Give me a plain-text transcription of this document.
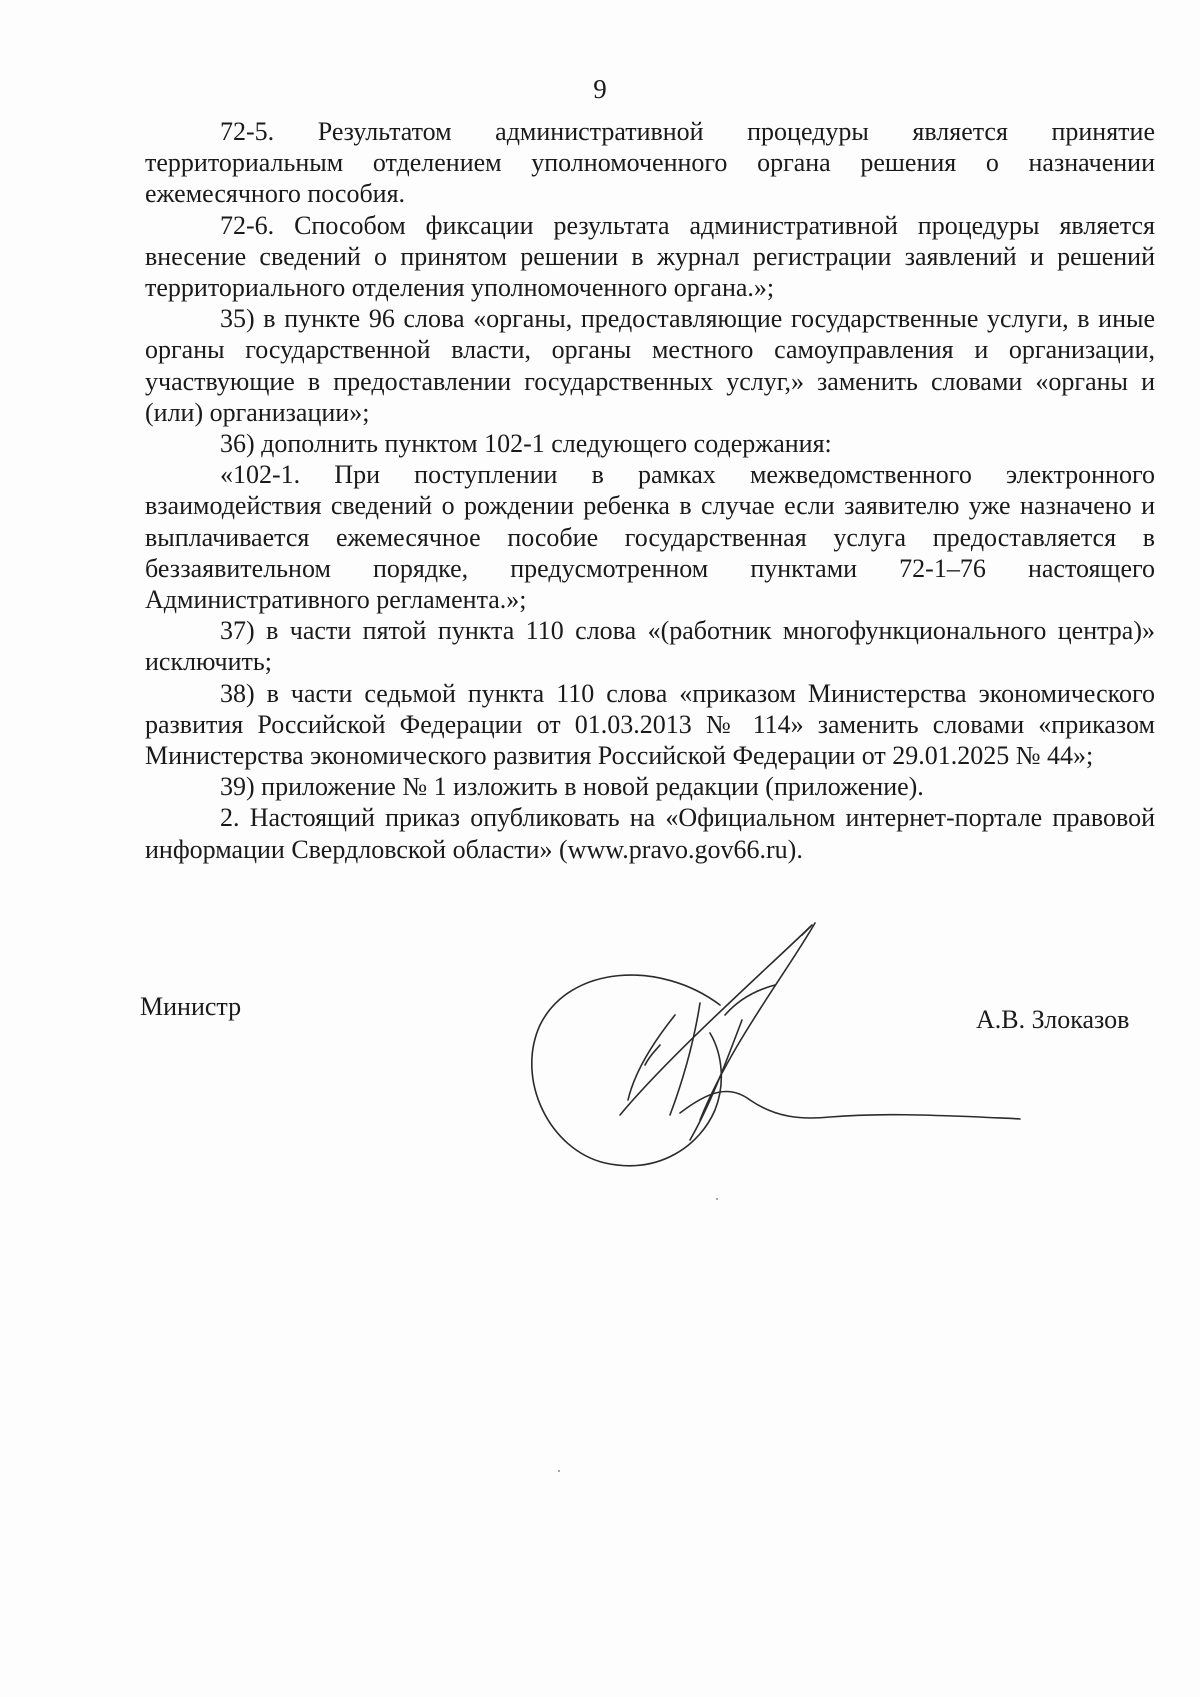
9

72-5. Результатом административной процедуры является принятие территориальным отделением уполномоченного органа решения о назначении ежемесячного пособия.

72-6. Способом фиксации результата административной процедуры является внесение сведений о принятом решении в журнал регистрации заявлений и решений территориального отделения уполномоченного органа.»;

35) в пункте 96 слова «органы, предоставляющие государственные услуги, в иные органы государственной власти, органы местного самоуправления и организации, участвующие в предоставлении государственных услуг,» заменить словами «органы и (или) организации»;

36) дополнить пунктом 102-1 следующего содержания:

«102-1. При поступлении в рамках межведомственного электронного взаимодействия сведений о рождении ребенка в случае если заявителю уже назначено и выплачивается ежемесячное пособие государственная услуга предоставляется в беззаявительном порядке, предусмотренном пунктами 72-1–76 настоящего Административного регламента.»;

37) в части пятой пункта 110 слова «(работник многофункционального центра)» исключить;

38) в части седьмой пункта 110 слова «приказом Министерства экономического развития Российской Федерации от 01.03.2013 № 114» заменить словами «приказом Министерства экономического развития Российской Федерации от 29.01.2025 № 44»;

39) приложение № 1 изложить в новой редакции (приложение).

2. Настоящий приказ опубликовать на «Официальном интернет-портале правовой информации Свердловской области» (www.pravo.gov66.ru).

Министр	А.В. Злоказов
